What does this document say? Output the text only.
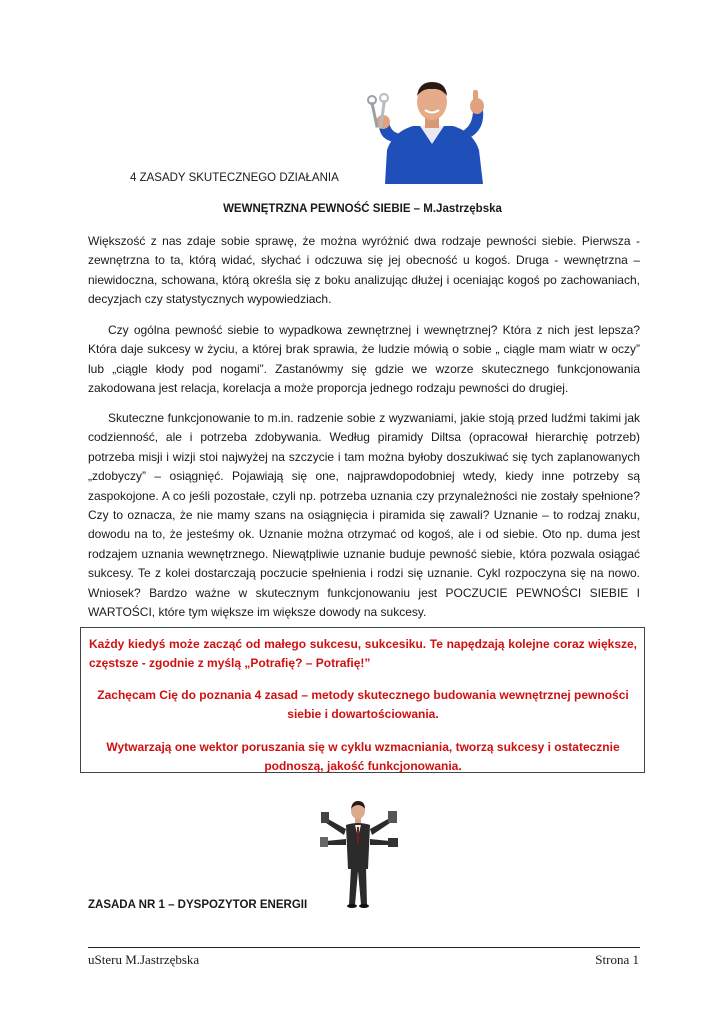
4 ZASADY SKUTECZNEGO DZIAŁANIA
WEWNĘTRZNA PEWNOŚĆ SIEBIE – M.Jastrzębska

Większość z nas zdaje sobie sprawę, że można wyróżnić dwa rodzaje pewności siebie. Pierwsza - zewnętrzna to ta, którą widać, słychać i odczuwa się jej obecność u kogoś. Druga - wewnętrzna – niewidoczna, schowana, którą określa się z boku analizując dłużej i oceniając kogoś po zachowaniach, decyzjach czy statystycznych wypowiedziach.

Czy ogólna pewność siebie to wypadkowa zewnętrznej i wewnętrznej? Która z nich jest lepsza? Która daje sukcesy w życiu, a której brak sprawia, że ludzie mówią o sobie „ ciągle mam wiatr w oczy” lub „ciągle kłody pod nogami”. Zastanówmy się gdzie we wzorze skutecznego funkcjonowania zakodowana jest relacja, korelacja a może proporcja jednego rodzaju pewności do drugiej.

Skuteczne funkcjonowanie to m.in. radzenie sobie z wyzwaniami, jakie stoją przed ludźmi takimi jak codzienność, ale i potrzeba zdobywania. Według piramidy Diltsa (opracował hierarchię potrzeb) potrzeba misji i wizji stoi najwyżej na szczycie i tam można byłoby doszukiwać się tych zaplanowanych „zdobyczy” – osiągnięć. Pojawiają się one, najprawdopodobniej wtedy, kiedy inne potrzeby są zaspokojone. A co jeśli pozostałe, czyli np. potrzeba uznania czy przynależności nie zostały spełnione? Czy to oznacza, że nie mamy szans na osiągnięcia i piramida się zawali? Uznanie – to rodzaj znaku, dowodu na to, że jesteśmy ok. Uznanie można otrzymać od kogoś, ale i od siebie. Oto np. duma jest rodzajem uznania wewnętrznego. Niewątpliwie uznanie buduje pewność siebie, która pozwala osiągać sukcesy. Te z kolei dostarczają poczucie spełnienia i rodzi się uznanie. Cykl rozpoczyna się na nowo. Wniosek? Bardzo ważne w skutecznym funkcjonowaniu jest POCZUCIE PEWNOŚCI SIEBIE I WARTOŚCI, które tym większe im większe dowody na sukcesy.

Każdy kiedyś może zacząć od małego sukcesu, sukcesiku. Te napędzają kolejne coraz większe, częstsze - zgodnie z myślą „Potrafię? – Potrafię!”

Zachęcam Cię do poznania 4 zasad – metody skutecznego budowania wewnętrznej pewności siebie i dowartościowania.

Wytwarzają one wektor poruszania się w cyklu wzmacniania, tworzą sukcesy i ostatecznie podnoszą, jakość funkcjonowania.

ZASADA NR 1 – DYSPOZYTOR ENERGII
uSteru M.Jastrzębska	Strona 1
